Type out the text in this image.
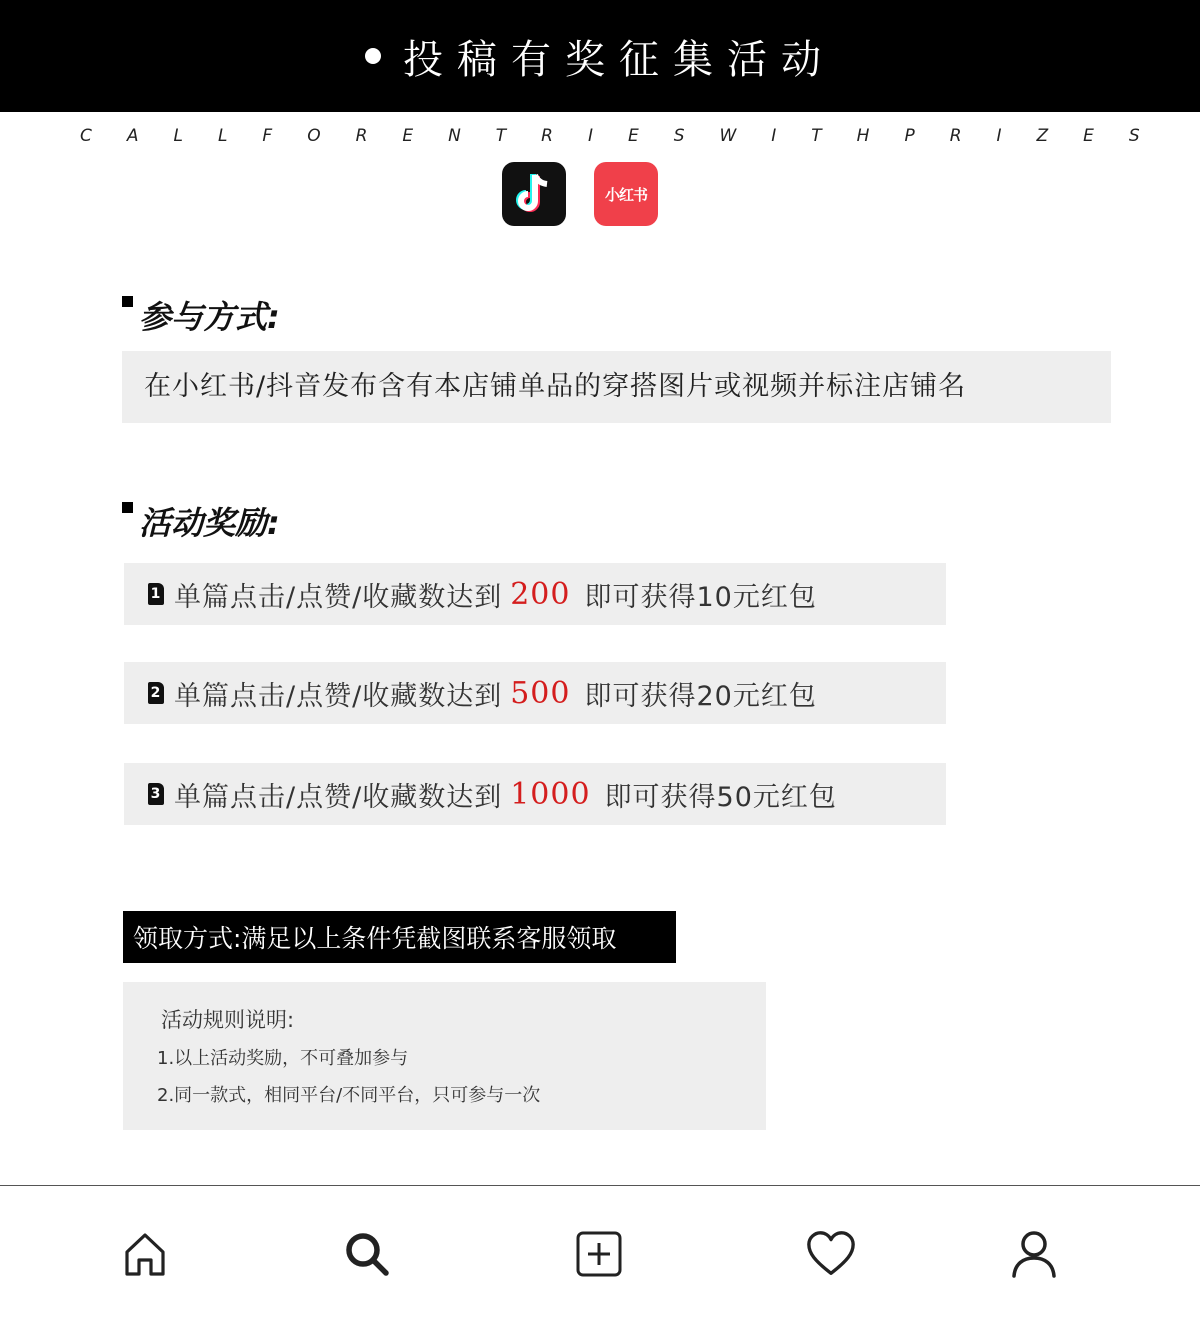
投稿有奖征集活动
C A L L F O R E N T R I E S W I T H P R I Z E S
小红书
参与方式:
在小红书/抖音发布含有本店铺单品的穿搭图片或视频并标注店铺名
活动奖励:
1 单篇点击/点赞/收藏数达到 200 即可获得10元红包
2 单篇点击/点赞/收藏数达到 500 即可获得20元红包
3 单篇点击/点赞/收藏数达到 1000 即可获得50元红包
领取方式:满足以上条件凭截图联系客服领取
活动规则说明:
1.以上活动奖励，不可叠加参与
2.同一款式，相同平台/不同平台，只可参与一次
